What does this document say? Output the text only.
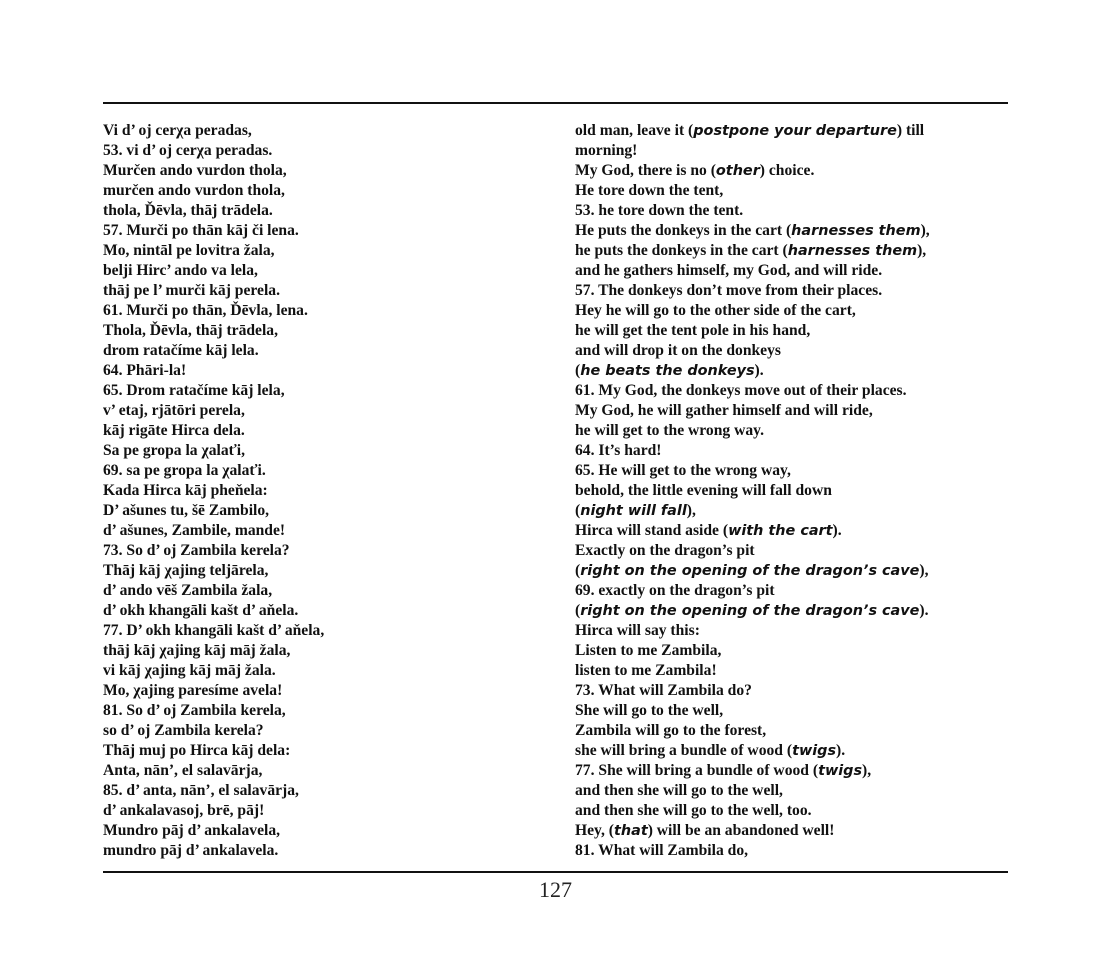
Vi d’ oj cerχa peradas,
53. vi d’ oj cerχa peradas.
Murčen ando vurdon thola,
murčen ando vurdon thola,
thola, Ďēvla, thāj trādela.
57. Murči po thān kāj či lena.
Mo, nintāl pe lovitra žala,
belji Hirc’ ando va lela,
thāj pe l’ murči kāj perela.
61. Murči po thān, Ďēvla, lena.
Thola, Ďēvla, thāj trādela,
drom ratačíme kāj lela.
64. Phāri-la!
65. Drom ratačíme kāj lela,
v’ etaj, rjātōri perela,
kāj rigāte Hirca dela.
Sa pe gropa la χalaťi,
69. sa pe gropa la χalaťi.
Kada Hirca kāj pheňela:
D’ ašunes tu, šē Zambilo,
d’ ašunes, Zambile, mande!
73. So d’ oj Zambila kerela?
Thāj kāj χajing teljārela,
d’ ando vēš Zambila žala,
d’ okh khangāli kašt d’ aňela.
77. D’ okh khangāli kašt d’ aňela,
thāj kāj χajing kāj māj žala,
vi kāj χajing kāj māj žala.
Mo, χajing paresíme avela!
81. So d’ oj Zambila kerela,
so d’ oj Zambila kerela?
Thāj muj po Hirca kāj dela:
Anta, nān’, el salavārja,
85. d’ anta, nān’, el salavārja,
d’ ankalavasoj, brē, pāj!
Mundro pāj d’ ankalavela,
mundro pāj d’ ankalavela.
old man, leave it (postpone your departure) till
morning!
My God, there is no (other) choice.
He tore down the tent,
53. he tore down the tent.
He puts the donkeys in the cart (harnesses them),
he puts the donkeys in the cart (harnesses them),
and he gathers himself, my God, and will ride.
57. The donkeys don’t move from their places.
Hey he will go to the other side of the cart,
he will get the tent pole in his hand,
and will drop it on the donkeys
(he beats the donkeys).
61. My God, the donkeys move out of their places.
My God, he will gather himself and will ride,
he will get to the wrong way.
64. It’s hard!
65. He will get to the wrong way,
behold, the little evening will fall down
(night will fall),
Hirca will stand aside (with the cart).
Exactly on the dragon’s pit
(right on the opening of the dragon’s cave),
69. exactly on the dragon’s pit
(right on the opening of the dragon’s cave).
Hirca will say this:
Listen to me Zambila,
listen to me Zambila!
73. What will Zambila do?
She will go to the well,
Zambila will go to the forest,
she will bring a bundle of wood (twigs).
77. She will bring a bundle of wood (twigs),
and then she will go to the well,
and then she will go to the well, too.
Hey, (that) will be an abandoned well!
81. What will Zambila do,
127
